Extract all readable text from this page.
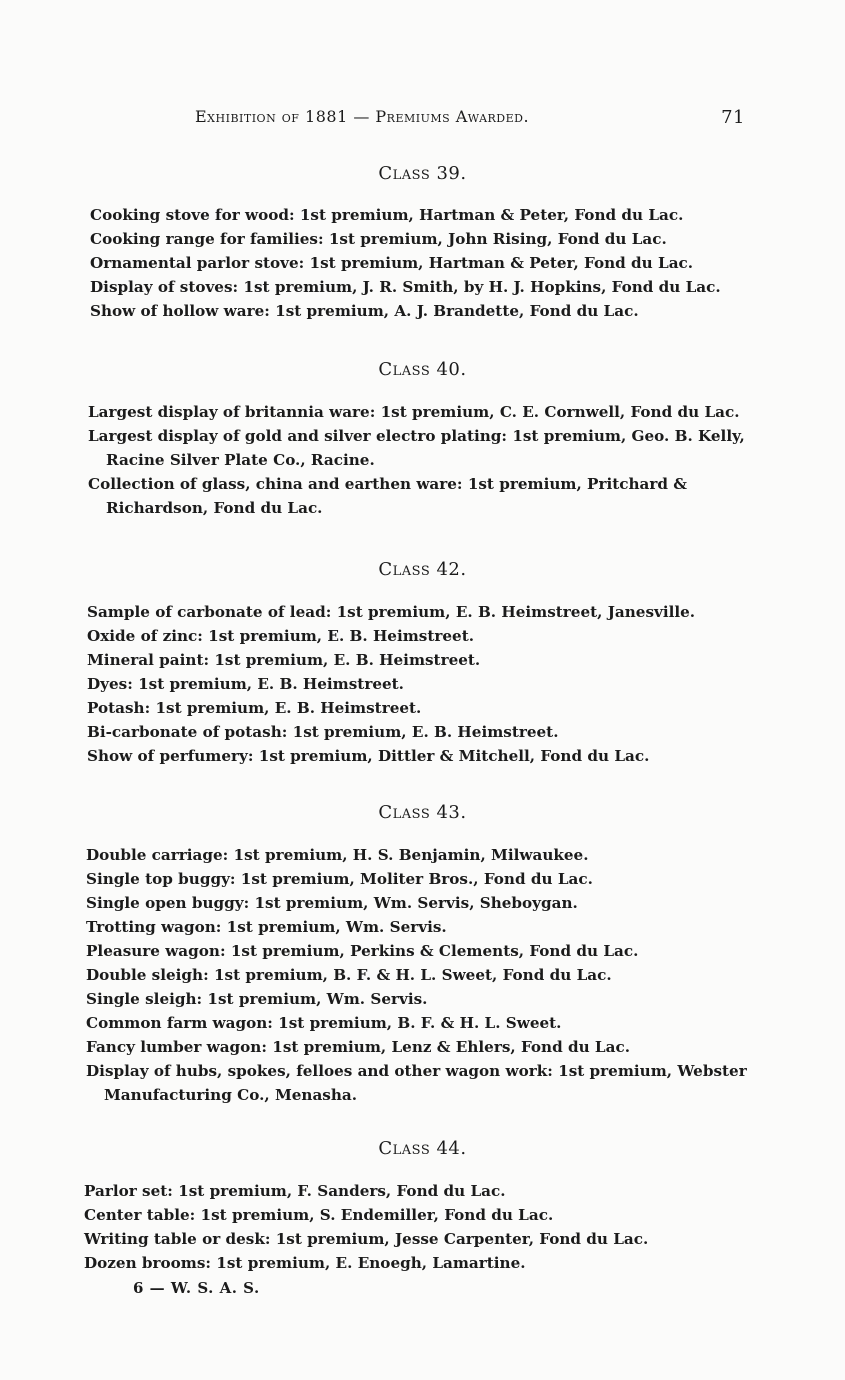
Exhibition of 1881 — Premiums Awarded.	71
Class 39.
Cooking stove for wood: 1st premium, Hartman & Peter, Fond du Lac.
Cooking range for families: 1st premium, John Rising, Fond du Lac.
Ornamental parlor stove: 1st premium, Hartman & Peter, Fond du Lac.
Display of stoves: 1st premium, J. R. Smith, by H. J. Hopkins, Fond du Lac.
Show of hollow ware: 1st premium, A. J. Brandette, Fond du Lac.
Class 40.
Largest display of britannia ware: 1st premium, C. E. Cornwell, Fond du Lac.
Largest display of gold and silver electro plating: 1st premium, Geo. B. Kelly, Racine Silver Plate Co., Racine.
Collection of glass, china and earthen ware: 1st premium, Pritchard & Richardson, Fond du Lac.
Class 42.
Sample of carbonate of lead: 1st premium, E. B. Heimstreet, Janesville.
Oxide of zinc: 1st premium, E. B. Heimstreet.
Mineral paint: 1st premium, E. B. Heimstreet.
Dyes: 1st premium, E. B. Heimstreet.
Potash: 1st premium, E. B. Heimstreet.
Bi-carbonate of potash: 1st premium, E. B. Heimstreet.
Show of perfumery: 1st premium, Dittler & Mitchell, Fond du Lac.
Class 43.
Double carriage: 1st premium, H. S. Benjamin, Milwaukee.
Single top buggy: 1st premium, Moliter Bros., Fond du Lac.
Single open buggy: 1st premium, Wm. Servis, Sheboygan.
Trotting wagon: 1st premium, Wm. Servis.
Pleasure wagon: 1st premium, Perkins & Clements, Fond du Lac.
Double sleigh: 1st premium, B. F. & H. L. Sweet, Fond du Lac.
Single sleigh: 1st premium, Wm. Servis.
Common farm wagon: 1st premium, B. F. & H. L. Sweet.
Fancy lumber wagon: 1st premium, Lenz & Ehlers, Fond du Lac.
Display of hubs, spokes, felloes and other wagon work: 1st premium, Webster Manufacturing Co., Menasha.
Class 44.
Parlor set: 1st premium, F. Sanders, Fond du Lac.
Center table: 1st premium, S. Endemiller, Fond du Lac.
Writing table or desk: 1st premium, Jesse Carpenter, Fond du Lac.
Dozen brooms: 1st premium, E. Enoegh, Lamartine.
6 — W. S. A. S.
